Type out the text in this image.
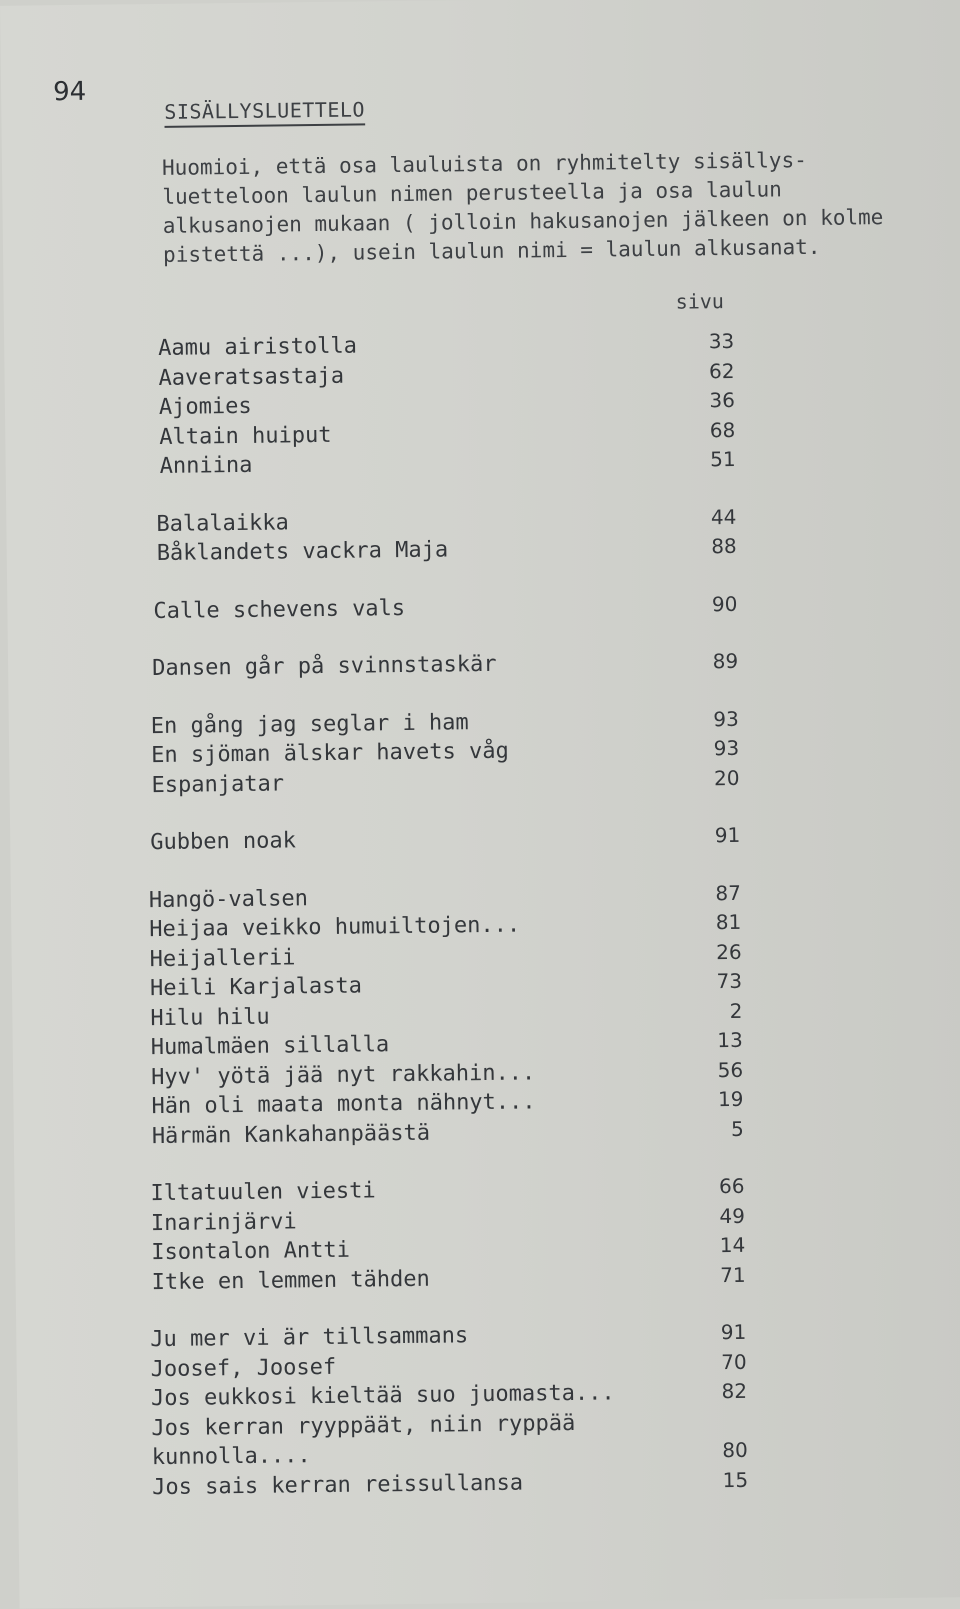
94
SISÄLLYSLUETTELO
Huomioi, että osa lauluista on ryhmitelty sisällys-luetteloon laulun nimen perusteella ja osa laulun alkusanojen mukaan ( jolloin hakusanojen jälkeen on kolme pistettä ...), usein laulun nimi = laulun alkusanat.
sivu
Aamu airistolla	33
Aaveratsastaja	62
Ajomies	36
Altain huiput	68
Anniina	51
Balalaikka	44
Båklandets vackra Maja	88
Calle schevens vals	90
Dansen går på svinnstaskär	89
En gång jag seglar i ham	93
En sjöman älskar havets våg	93
Espanjatar	20
Gubben noak	91
Hangö-valsen	87
Heijaa veikko humuiltojen...	81
Heijallerii	26
Heili Karjalasta	73
Hilu hilu	2
Humalmäen sillalla	13
Hyv' yötä jää nyt rakkahin...	56
Hän oli maata monta nähnyt...	19
Härmän Kankahanpäästä	5
Iltatuulen viesti	66
Inarinjärvi	49
Isontalon Antti	14
Itke en lemmen tähden	71
Ju mer vi är tillsammans	91
Joosef, Joosef	70
Jos eukkosi kieltää suo juomasta...	82
Jos kerran ryyppäät, niin ryppää kunnolla....	80
Jos sais kerran reissullansa	15
